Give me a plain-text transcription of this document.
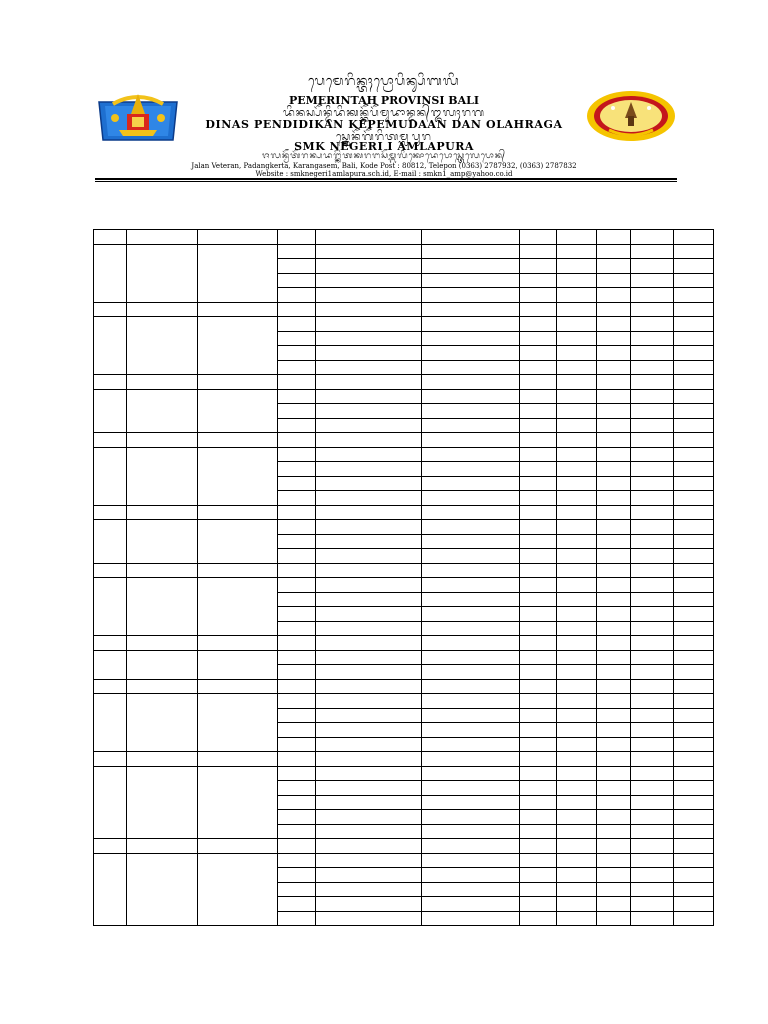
ᬧᬾᬫᬾᬭᬶᬦ᭄ᬢᬄᬧ᭄ᬭᭀᬧᬶᬦ᭄ᬲᬶᬩᬮᬶ
PEMERINTAH PROVINSI BALI
ᬤᬶᬦᬲ᭄ᬧᭂᬦ᭄ᬤᬶᬤᬶᬓᬦ᭄ᬓᭂᬧᭂᬫᬸᬤᬵᬦ᭄ᬤᬦ᭄ᬑᬮᬄᬭᬕ
DINAS PENDIDIKAN KEPEMUDAAN DAN OLAHRAGA
ᬲ᭄ᬫ᭄ᬓᬾᬦᭂᬕᭂᬭᬶᬢᬫ᭄ᬮᬧᬸᬭ
SMK NEGERI I AMLAPURA
ᬚᬮᬦ᭄ᬯᭂᬢᭂᬭᬦ᭄ᬧᬤᬗ᭄ᬓᭂᬃᬢᬓᬭᬗᬲᭂᬫ᭄ᬩᬮᬶᬓᭀᬤᬾᬧᭀᬲ᭄ᬢ᭄ᬢᬾᬮᬾᬧᭀᬦ᭄
Jalan Veteran, Padangkerta, Karangasem, Bali, Kode Post : 80812, Telepon (0363) 2787932, (0363) 2787832
Website : smknegeri1amlapura.sch.id, E-mail : smkn1_amp@yahoo.co.id
